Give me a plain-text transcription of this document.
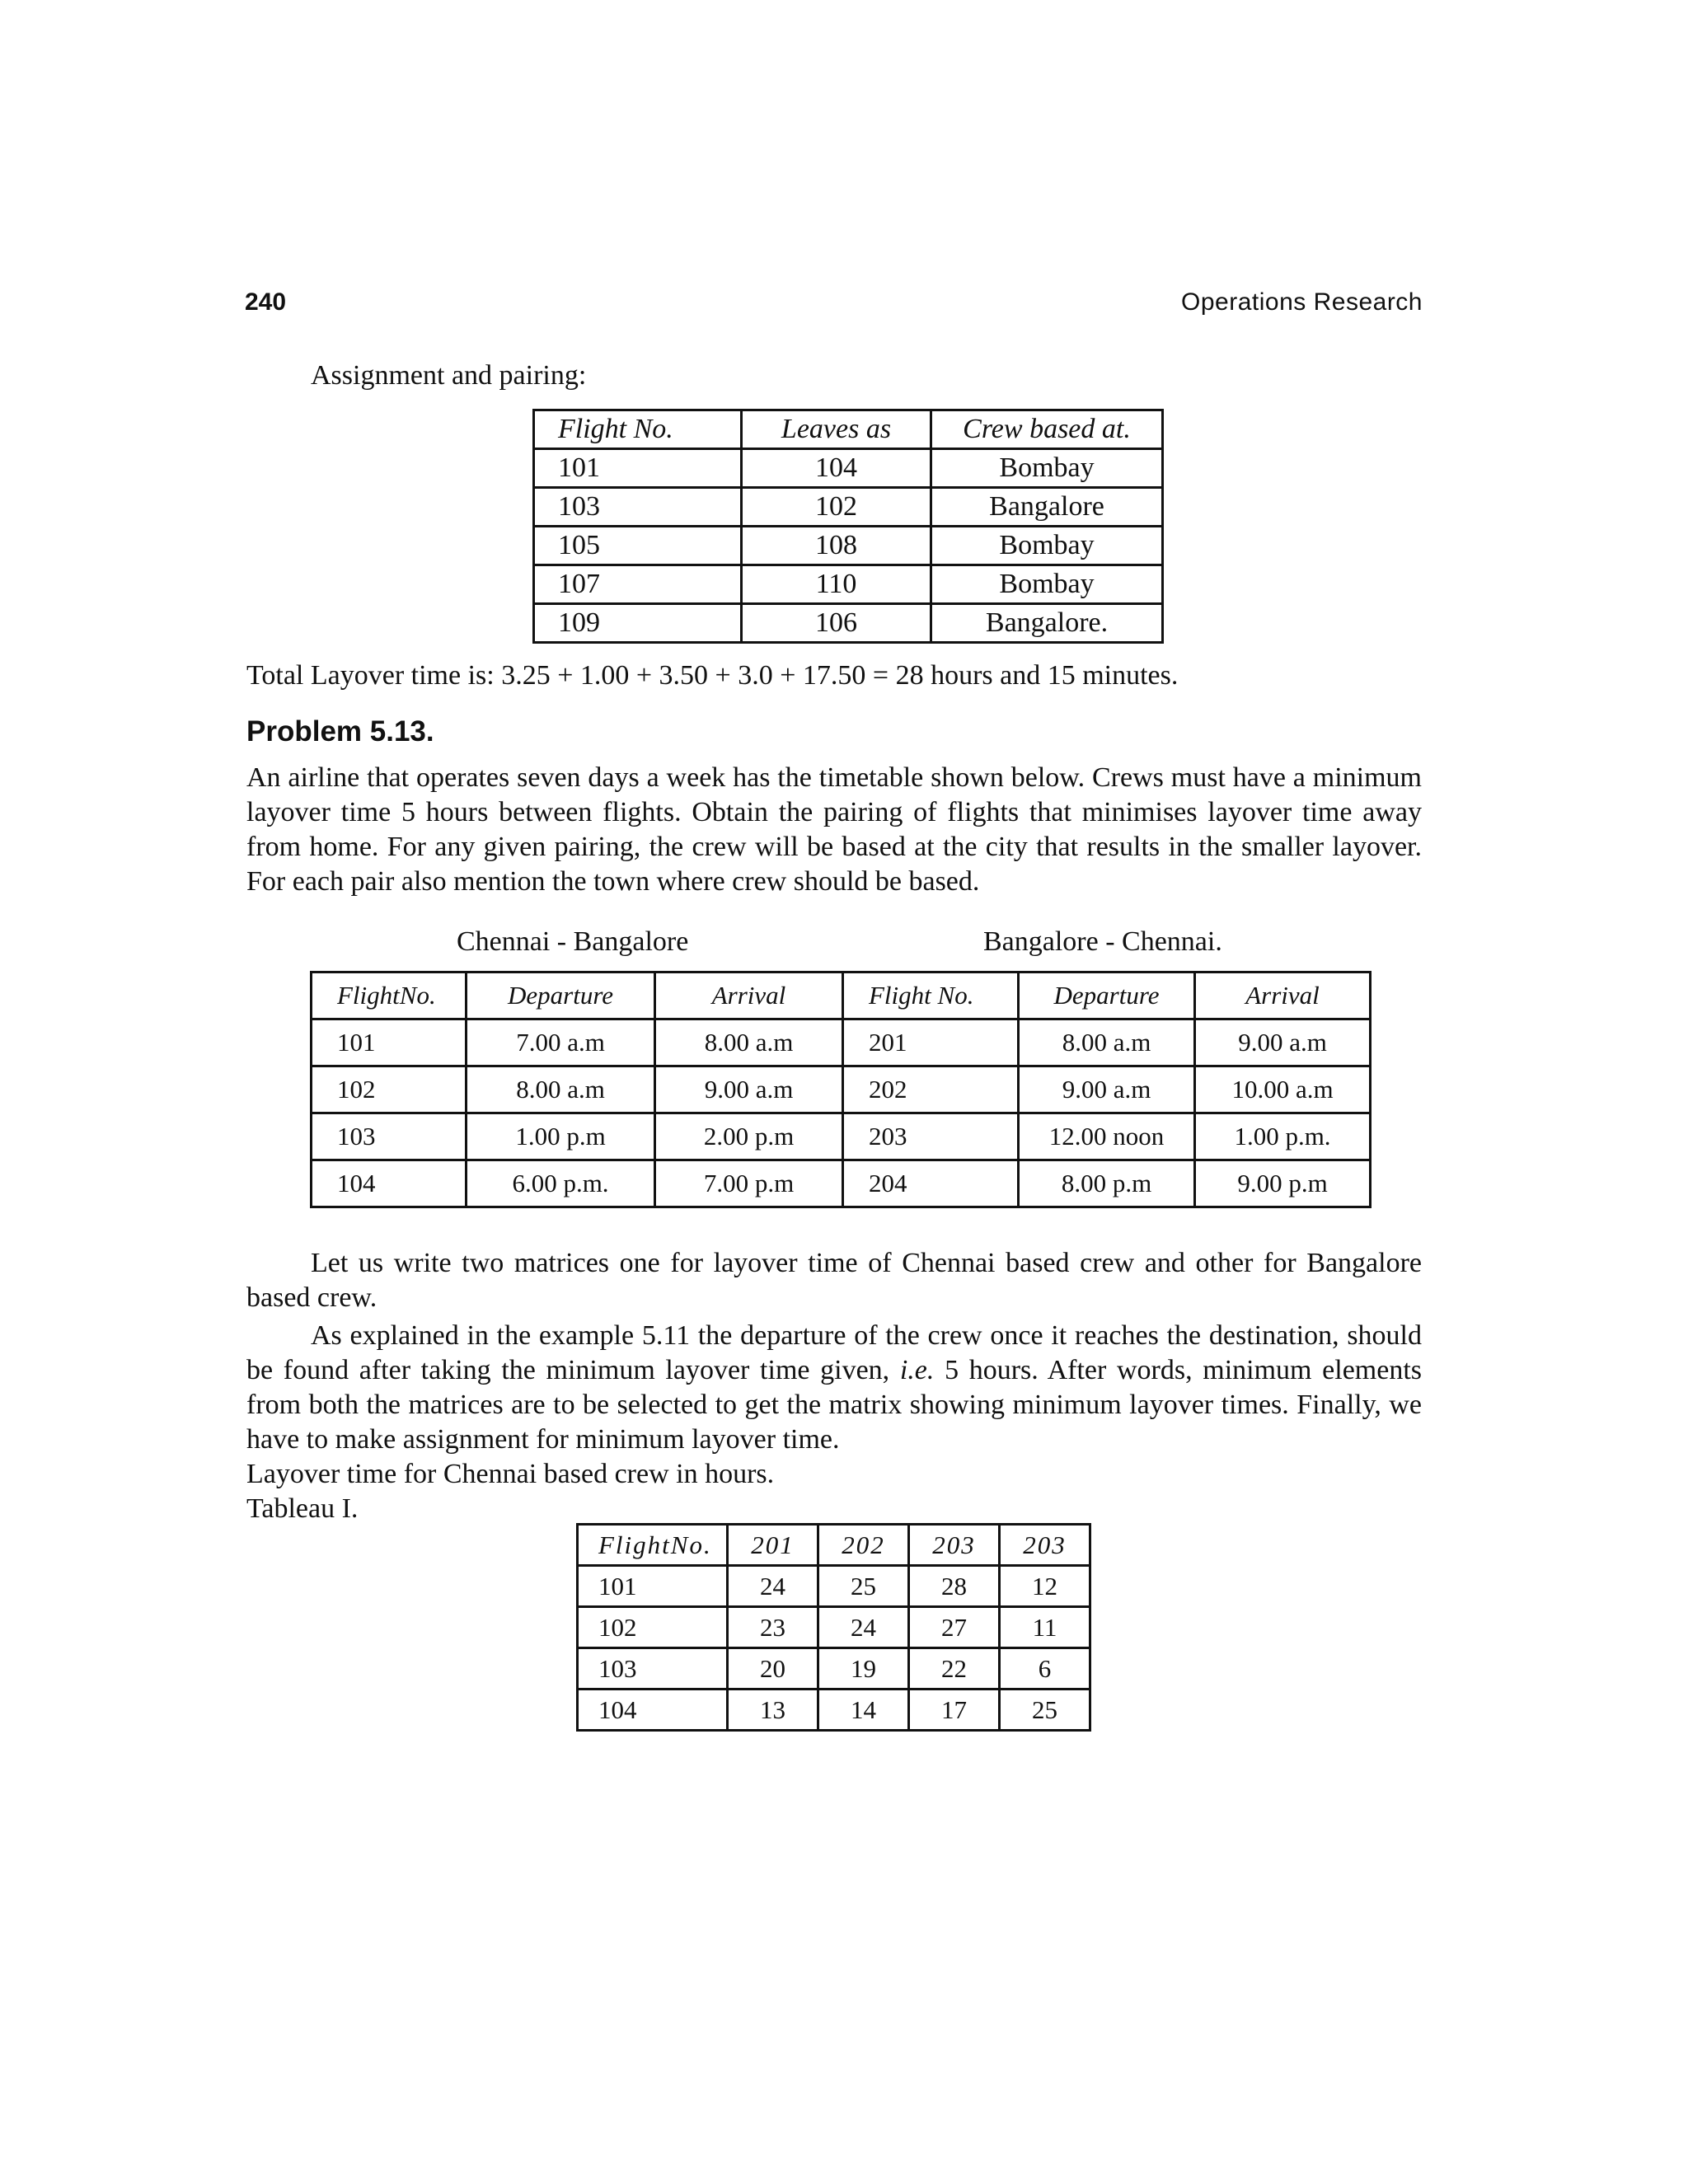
240	Operations Research
Assignment and pairing:
Flight No.	Leaves as	Crew based at.
101	104	Bombay
103	102	Bangalore
105	108	Bombay
107	110	Bombay
109	106	Bangalore.
Total Layover time is: 3.25 + 1.00 + 3.50 + 3.0 + 17.50 = 28 hours and 15 minutes.
Problem 5.13.
An airline that operates seven days a week has the timetable shown below. Crews must have a minimum layover time 5 hours between flights. Obtain the pairing of flights that minimises layover time away from home. For any given pairing, the crew will be based at the city that results in the smaller layover. For each pair also mention the town where crew should be based.
Chennai - Bangalore	Bangalore - Chennai.
FlightNo.	Departure	Arrival	Flight No.	Departure	Arrival
101	7.00 a.m	8.00 a.m	201	8.00 a.m	9.00 a.m
102	8.00 a.m	9.00 a.m	202	9.00 a.m	10.00 a.m
103	1.00 p.m	2.00 p.m	203	12.00 noon	1.00 p.m.
104	6.00 p.m.	7.00 p.m	204	8.00 p.m	9.00 p.m
Let us write two matrices one for layover time of Chennai based crew and other for Bangalore based crew.
As explained in the example 5.11 the departure of the crew once it reaches the destination, should be found after taking the minimum layover time given, i.e. 5 hours. After words, minimum elements from both the matrices are to be selected to get the matrix showing minimum layover times. Finally, we have to make assignment for minimum layover time.
Layover time for Chennai based crew in hours.
Tableau I.
FlightNo.	201	202	203	203
101	24	25	28	12
102	23	24	27	11
103	20	19	22	6
104	13	14	17	25
